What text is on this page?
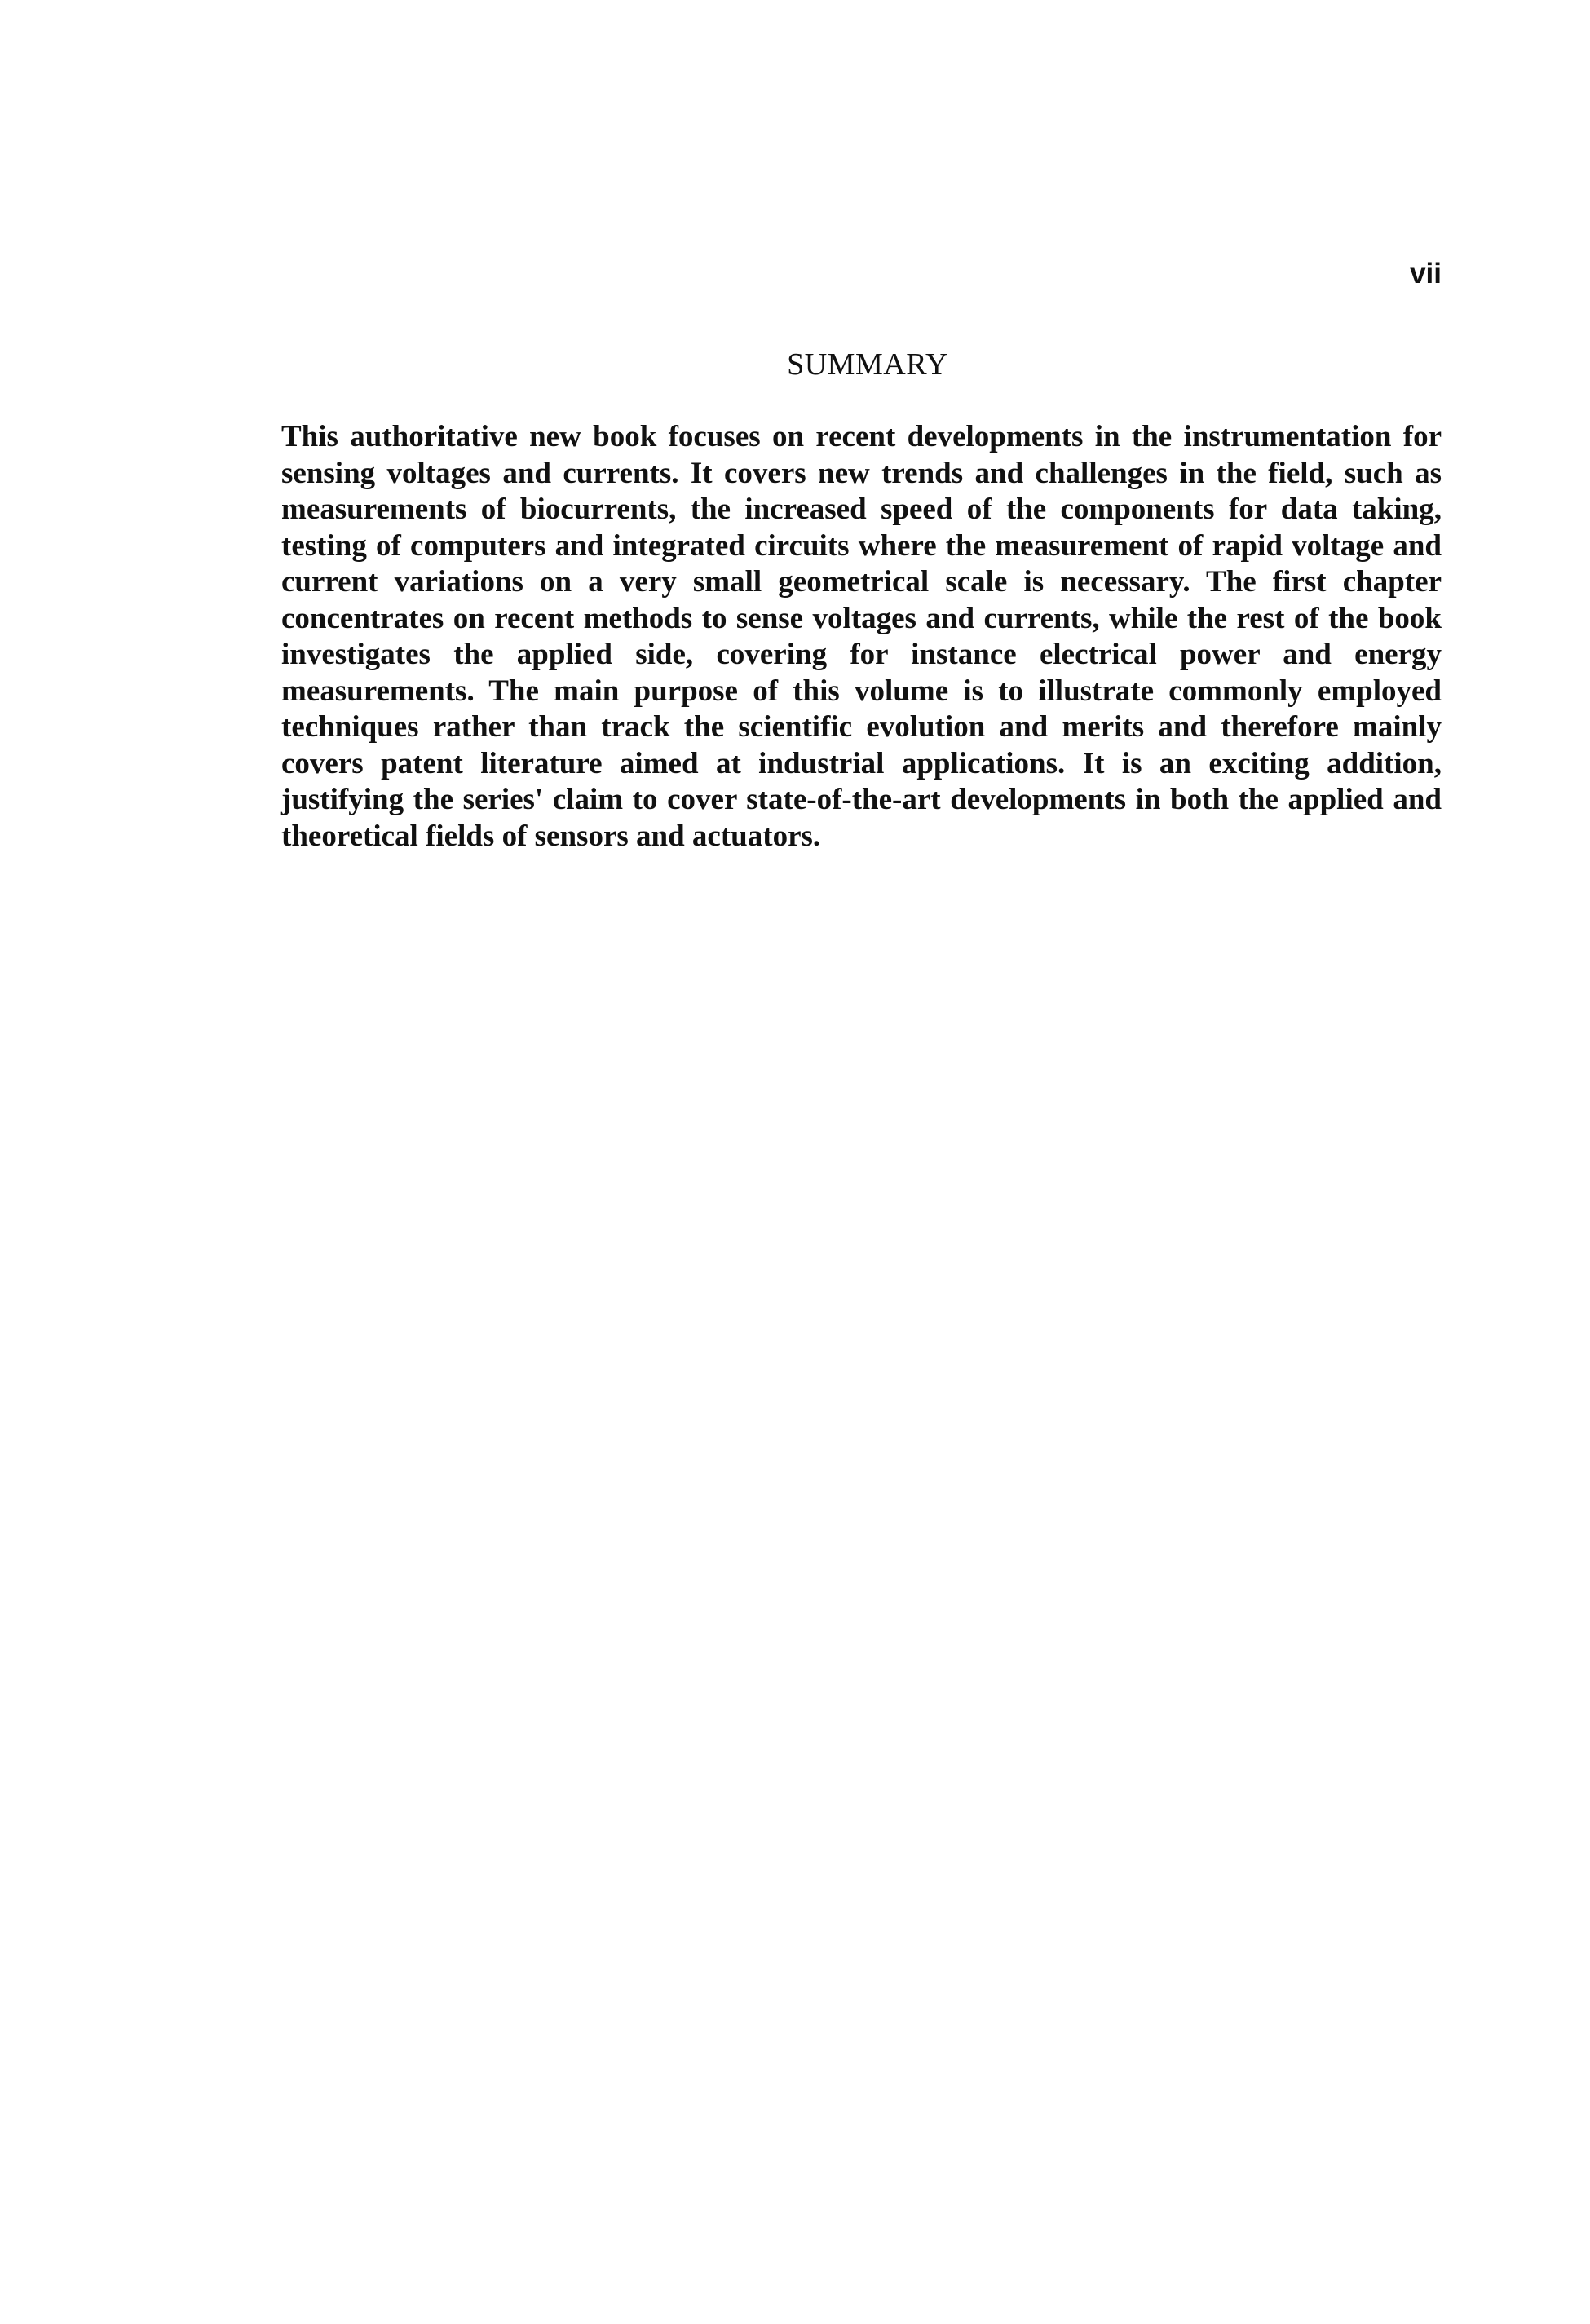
vii
SUMMARY
This authoritative new book focuses on recent developments in the instrumentation for
sensing voltages and currents. It covers new trends and challenges in the field, such as
measurements of biocurrents, the increased speed of the components for data taking,
testing of computers and integrated circuits where the measurement of rapid voltage and
current variations on a very small geometrical scale is necessary. The first chapter
concentrates on recent methods to sense voltages and currents, while the rest of the book
investigates the applied side, covering for instance electrical power and energy
measurements. The main purpose of this volume is to illustrate commonly employed
techniques rather than track the scientific evolution and merits and therefore mainly
covers patent literature aimed at industrial applications. It is an exciting addition,
justifying the series' claim to cover state-of-the-art developments in both the applied and
theoretical fields of sensors and actuators.
